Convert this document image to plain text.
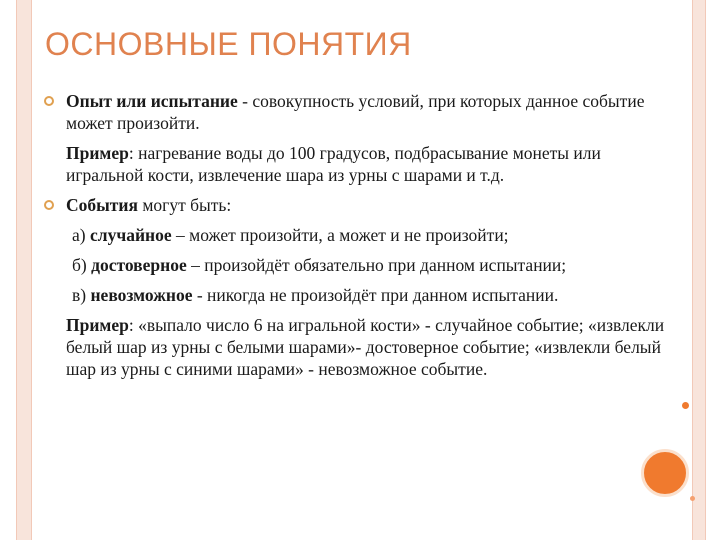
ОСНОВНЫЕ ПОНЯТИЯ

Опыт или испытание - совокупность условий, при которых данное событие может произойти.

Пример: нагревание воды до 100 градусов, подбрасывание монеты или игральной кости, извлечение шара из урны с шарами и т.д.

События могут быть:

а) случайное – может произойти, а может и не произойти;

б) достоверное – произойдёт обязательно при данном испытании;

в) невозможное - никогда не произойдёт при данном испытании.

Пример: «выпало число 6 на игральной кости» - случайное событие; «извлекли белый шар из урны с белыми шарами»- достоверное событие; «извлекли белый шар из урны с синими шарами» - невозможное событие.
